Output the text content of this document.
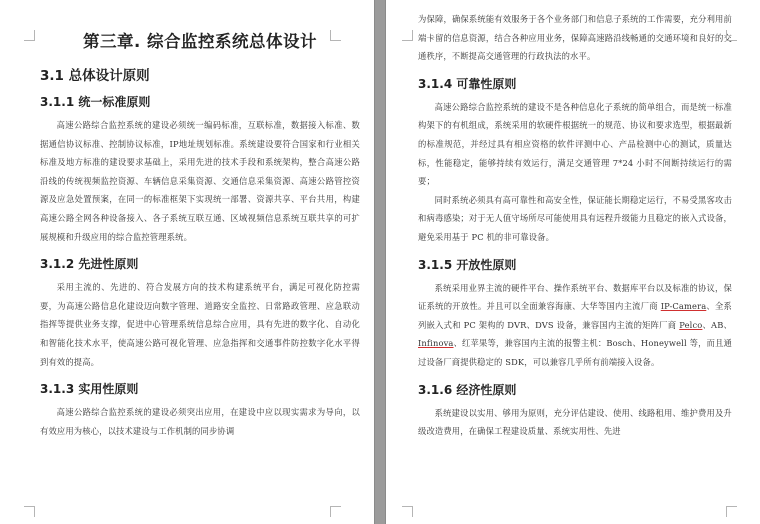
第三章. 综合监控系统总体设计
3.1 总体设计原则
3.1.1 统一标准原则

高速公路综合监控系统的建设必须统一编码标准，互联标准，数据接入标准、数据通信协议标准、控制协议标准，IP地址规划标准。系统建设要符合国家和行业相关标准及地方标准的建设要求基础上，采用先进的技术手段和系统架构，整合高速公路沿线的传统视频监控资源、车辆信息采集资源、交通信息采集资源、高速公路管控资源及应急处置预案，在同一的标准框架下实现统一部署、资源共享、平台共用，构建高速公路全网各种设备接入、各子系统互联互通、区域视频信息系统互联共享的可扩展规模和升级应用的综合监控管理系统。

3.1.2 先进性原则

采用主流的、先进的、符合发展方向的技术构建系统平台，满足可视化防控需要，为高速公路信息化建设迈向数字管理、道路安全监控、日常路政管理、应急联动指挥等提供业务支撑，促进中心管理系统信息综合应用，具有先进的数字化、自动化和智能化技术水平，使高速公路可视化管理、应急指挥和交通事件防控数字化水平得到有效的提高。

3.1.3 实用性原则

高速公路综合监控系统的建设必须突出应用，在建设中应以现实需求为导向，以有效应用为核心，以技术建设与工作机制的同步协调

为保障，确保系统能有效服务于各个业务部门和信息子系统的工作需要，充分利用前端卡留的信息资源，结合各种应用业务，保障高速路沿线畅通的交通环境和良好的交通秩序，不断提高交通管理的行政执法的水平。

3.1.4 可靠性原则

高速公路综合监控系统的建设不是各种信息化子系统的简单组合，而是统一标准构架下的有机组成，系统采用的软硬件根据统一的规范、协议和要求选型，根据最新的标准规范，并经过具有相应资格的软件评测中心、产品检测中心的测试，质量达标，性能稳定，能够持续有效运行，满足交通管理 7*24 小时不间断持续运行的需要；

同时系统必须具有高可靠性和高安全性，保证能长期稳定运行，不易受黑客攻击和病毒感染；对于无人值守场所尽可能使用具有远程升级能力且稳定的嵌入式设备，避免采用基于 PC 机的非可靠设备。

3.1.5 开放性原则

系统采用业界主流的硬件平台、操作系统平台、数据库平台以及标准的协议，保证系统的开放性。并且可以全面兼容海康、大华等国内主流厂商 IP-Camera、全系列嵌入式和 PC 架构的 DVR、DVS 设备，兼容国内主流的矩阵厂商 Pelco、AB、Infinova、红苹果等，兼容国内主流的报警主机：Bosch、Honeywell 等，而且通过设备厂商提供稳定的 SDK，可以兼容几乎所有前端接入设备。

3.1.6 经济性原则

系统建设以实用、够用为原则，充分评估建设、使用、线路租用、维护费用及升级改造费用，在确保工程建设质量、系统实用性、先进
